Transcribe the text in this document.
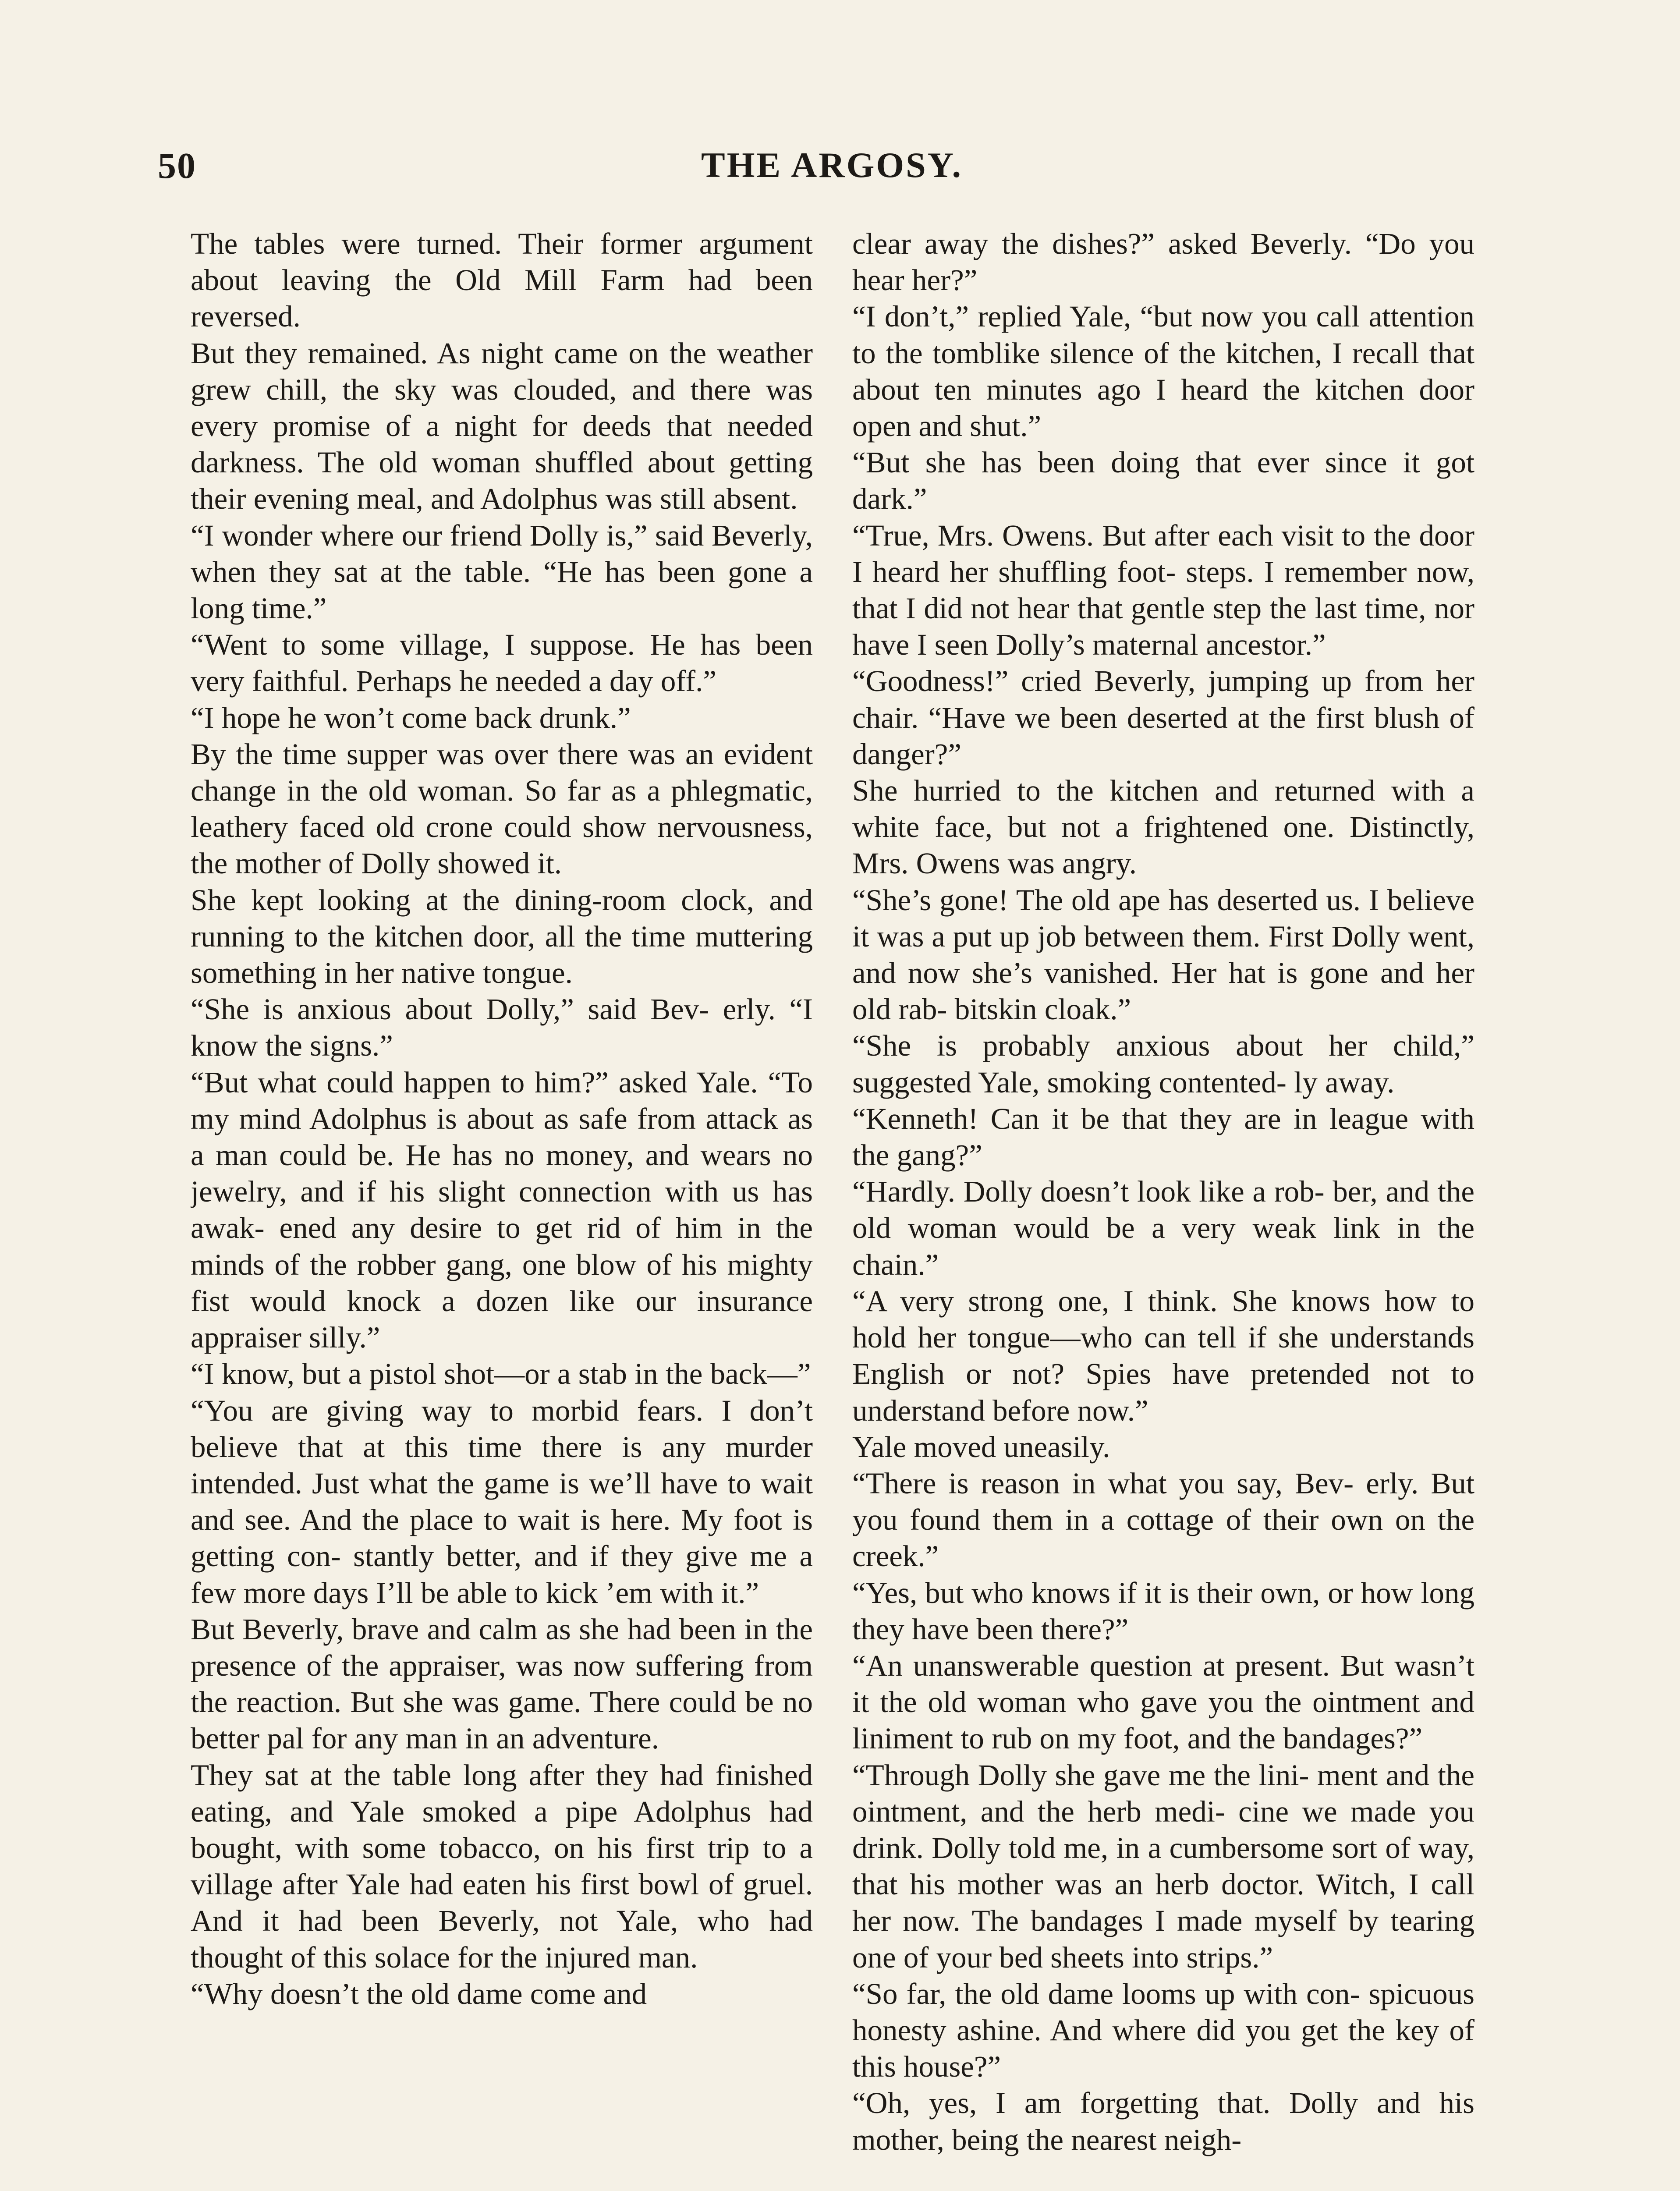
50	THE ARGOSY.

The tables were turned. Their former argument about leaving the Old Mill Farm had been reversed.

But they remained. As night came on the weather grew chill, the sky was clouded, and there was every promise of a night for deeds that needed darkness. The old woman shuffled about getting their evening meal, and Adolphus was still absent.

“I wonder where our friend Dolly is,” said Beverly, when they sat at the table. “He has been gone a long time.”

“Went to some village, I suppose. He has been very faithful. Perhaps he needed a day off.”

“I hope he won’t come back drunk.”

By the time supper was over there was an evident change in the old woman. So far as a phlegmatic, leathery faced old crone could show nervousness, the mother of Dolly showed it.

She kept looking at the dining-room clock, and running to the kitchen door, all the time muttering something in her native tongue.

“She is anxious about Dolly,” said Bev- erly. “I know the signs.”

“But what could happen to him?” asked Yale. “To my mind Adolphus is about as safe from attack as a man could be. He has no money, and wears no jewelry, and if his slight connection with us has awak- ened any desire to get rid of him in the minds of the robber gang, one blow of his mighty fist would knock a dozen like our insurance appraiser silly.”

“I know, but a pistol shot—or a stab in the back—”

“You are giving way to morbid fears. I don’t believe that at this time there is any murder intended. Just what the game is we’ll have to wait and see. And the place to wait is here. My foot is getting con- stantly better, and if they give me a few more days I’ll be able to kick ’em with it.”

But Beverly, brave and calm as she had been in the presence of the appraiser, was now suffering from the reaction. But she was game. There could be no better pal for any man in an adventure.

They sat at the table long after they had finished eating, and Yale smoked a pipe Adolphus had bought, with some tobacco, on his first trip to a village after Yale had eaten his first bowl of gruel. And it had been Beverly, not Yale, who had thought of this solace for the injured man.

“Why doesn’t the old dame come and

clear away the dishes?” asked Beverly. “Do you hear her?”

“I don’t,” replied Yale, “but now you call attention to the tomblike silence of the kitchen, I recall that about ten minutes ago I heard the kitchen door open and shut.”

“But she has been doing that ever since it got dark.”

“True, Mrs. Owens. But after each visit to the door I heard her shuffling foot- steps. I remember now, that I did not hear that gentle step the last time, nor have I seen Dolly’s maternal ancestor.”

“Goodness!” cried Beverly, jumping up from her chair. “Have we been deserted at the first blush of danger?”

She hurried to the kitchen and returned with a white face, but not a frightened one. Distinctly, Mrs. Owens was angry.

“She’s gone! The old ape has deserted us. I believe it was a put up job between them. First Dolly went, and now she’s vanished. Her hat is gone and her old rab- bitskin cloak.”

“She is probably anxious about her child,” suggested Yale, smoking contented- ly away.

“Kenneth! Can it be that they are in league with the gang?”

“Hardly. Dolly doesn’t look like a rob- ber, and the old woman would be a very weak link in the chain.”

“A very strong one, I think. She knows how to hold her tongue—who can tell if she understands English or not? Spies have pretended not to understand before now.”

Yale moved uneasily.

“There is reason in what you say, Bev- erly. But you found them in a cottage of their own on the creek.”

“Yes, but who knows if it is their own, or how long they have been there?”

“An unanswerable question at present. But wasn’t it the old woman who gave you the ointment and liniment to rub on my foot, and the bandages?”

“Through Dolly she gave me the lini- ment and the ointment, and the herb medi- cine we made you drink. Dolly told me, in a cumbersome sort of way, that his mother was an herb doctor. Witch, I call her now. The bandages I made myself by tearing one of your bed sheets into strips.”

“So far, the old dame looms up with con- spicuous honesty ashine. And where did you get the key of this house?”

“Oh, yes, I am forgetting that. Dolly and his mother, being the nearest neigh-
